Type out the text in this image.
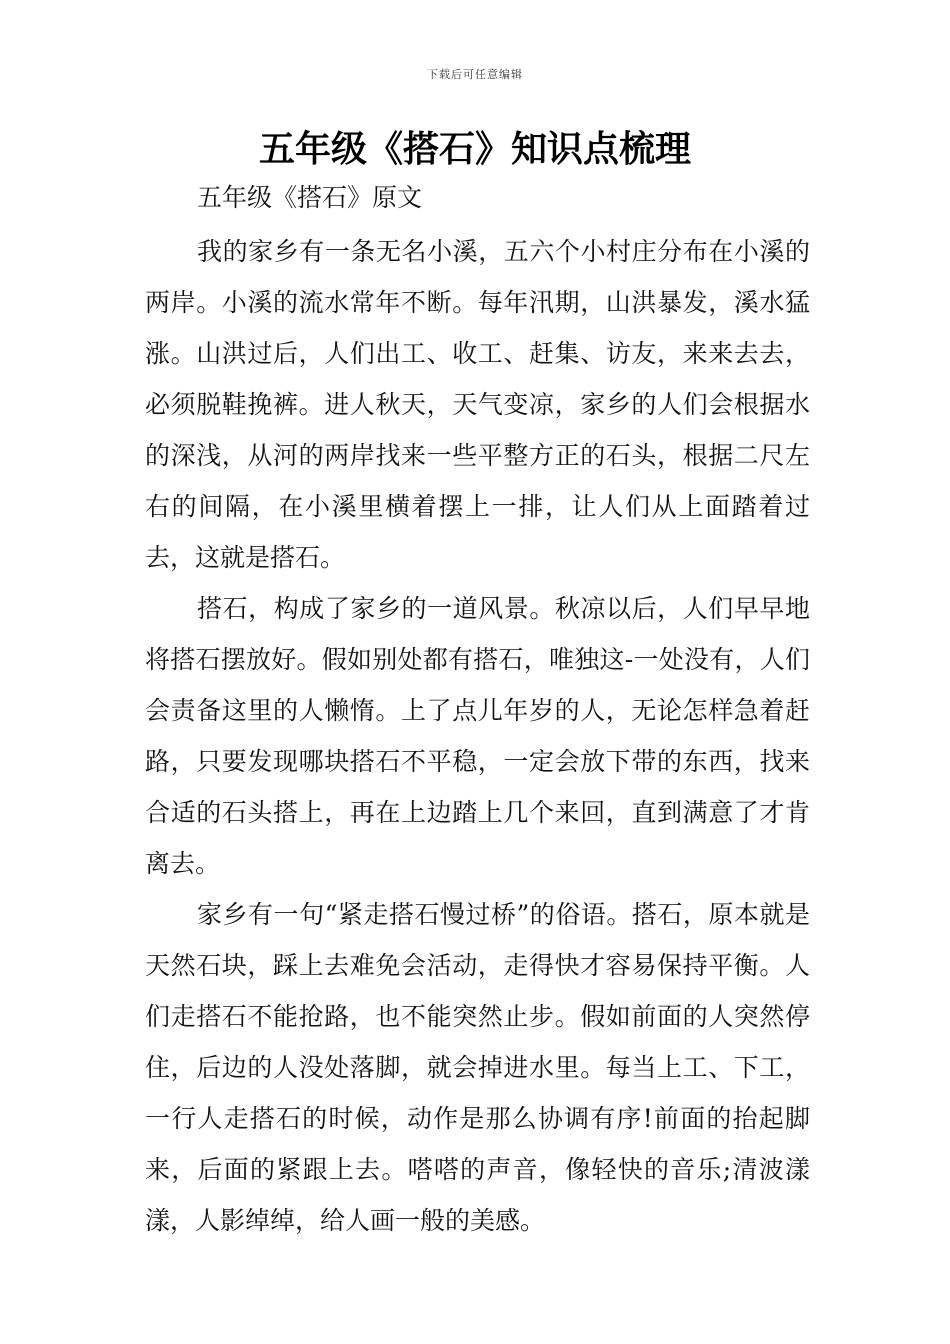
下载后可任意编辑
五年级《搭石》知识点梳理

五年级《搭石》原文

我的家乡有一条无名小溪，五六个小村庄分布在小溪的两岸。小溪的流水常年不断。每年汛期，山洪暴发，溪水猛涨。山洪过后，人们出工、收工、赶集、访友，来来去去，必须脱鞋挽裤。进人秋天，天气变凉，家乡的人们会根据水的深浅，从河的两岸找来一些平整方正的石头，根据二尺左右的间隔，在小溪里横着摆上一排，让人们从上面踏着过去，这就是搭石。

搭石，构成了家乡的一道风景。秋凉以后，人们早早地将搭石摆放好。假如别处都有搭石，唯独这-一处没有，人们会责备这里的人懒惰。上了点儿年岁的人，无论怎样急着赶路，只要发现哪块搭石不平稳，一定会放下带的东西，找来合适的石头搭上，再在上边踏上几个来回，直到满意了才肯离去。

家乡有一句“紧走搭石慢过桥”的俗语。搭石，原本就是天然石块，踩上去难免会活动，走得快才容易保持平衡。人们走搭石不能抢路，也不能突然止步。假如前面的人突然停住，后边的人没处落脚，就会掉进水里。每当上工、下工，一行人走搭石的时候，动作是那么协调有序!前面的抬起脚来，后面的紧跟上去。嗒嗒的声音，像轻快的音乐;清波漾漾，人影绰绰，给人画一般的美感。
